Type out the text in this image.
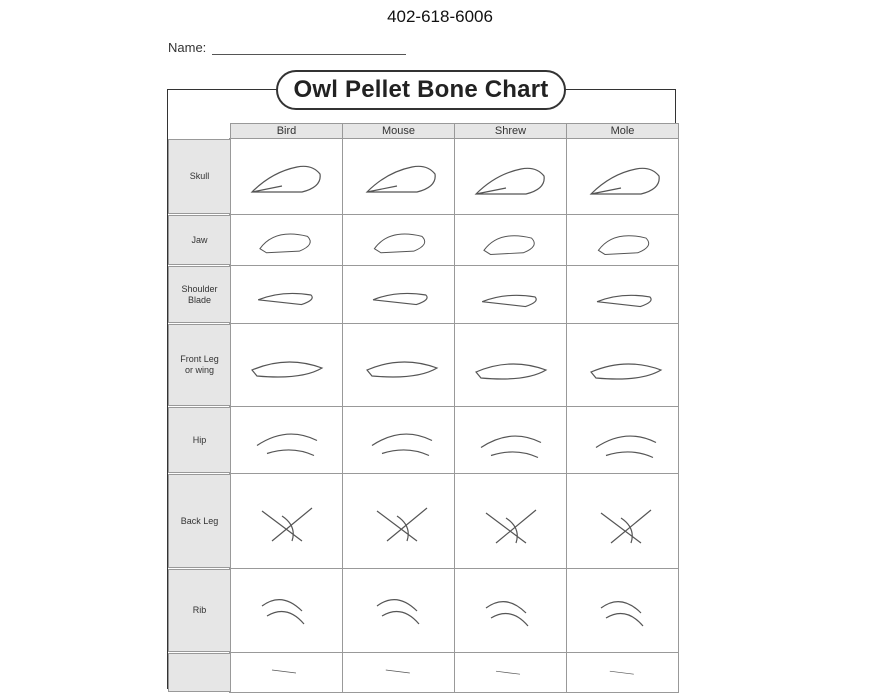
402-618-6006
Name:
Owl Pellet Bone Chart
	Bird	Mouse	Shrew	Mole

Skull

Jaw

Shoulder
Blade

Front Leg
or wing

Hip

Back Leg

Rib
